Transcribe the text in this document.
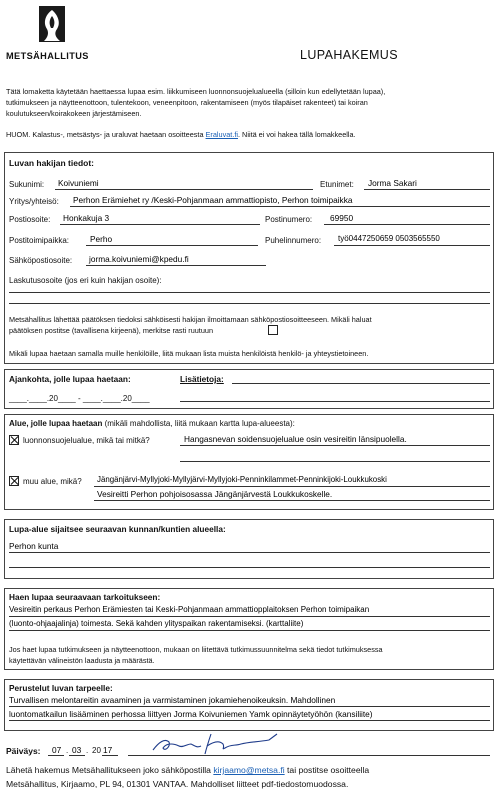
METSÄHALLITUS	LUPAHAKEMUS
Tätä lomaketta käytetään haettaessa lupaa esim. liikkumiseen luonnonsuojelualueella (silloin kun edellytetään lupaa),
tutkimukseen ja näytteenottoon, tulentekoon, veneenpitoon, rakentamiseen (myös tilapäiset rakenteet) tai koiran
koulutukseen/koirakokeen järjestämiseen.
HUOM. Kalastus-, metsästys- ja uraluvat haetaan osoitteesta Eraluvat.fi. Niitä ei voi hakea tällä lomakkeella.
Luvan hakijan tiedot:
Sukunimi: Koivuniemi	Etunimet: Jorma Sakari
Yritys/yhteisö: Perhon Erämiehet ry /Keski-Pohjanmaan ammattiopisto, Perhon toimipaikka
Postiosoite: Honkakuja 3	Postinumero: 69950
Postitoimipaikka:	Perho	Puhelinnumero: työ0447250659 0503565550
Sähköpostiosoite: jorma.koivuniemi@kpedu.fi
Laskutusosoite (jos eri kuin hakijan osoite):
Metsähallitus lähettää päätöksen tiedoksi sähköisesti hakijan ilmoittamaan sähköpostiosoitteeseen. Mikäli haluat
päätöksen postitse (tavallisena kirjeenä), merkitse rasti ruutuun
Mikäli lupaa haetaan samalla muille henkilöille, liitä mukaan lista muista henkilöistä henkilö- ja yhteystietoineen.
Ajankohta, jolle lupaa haetaan:
____.____.20____ - ____.____.20____
Lisätietoja:
Alue, jolle lupaa haetaan (mikäli mahdollista, liitä mukaan kartta lupa-alueesta):
luonnonsuojelualue, mikä tai mitkä?	Hangasnevan soidensuojelualue osin vesireitin länsipuolella.
muu alue, mikä? Jängänjärvi-Myllyjoki-Myllyjärvi-Myllyjoki-Penninkilammet-Penninkijoki-Loukkukoski
Vesireitti Perhon pohjoisosassa Jängänjärvestä Loukkukoskelle.
Lupa-alue sijaitsee seuraavan kunnan/kuntien alueella:
Perhon kunta
Haen lupaa seuraavaan tarkoitukseen:
Vesireitin perkaus Perhon Erämiesten tai Keski-Pohjanmaan ammattiopplaitoksen Perhon toimipaikan
(luonto-ohjaajalinja) toimesta. Sekä kahden ylityspaikan rakentamiseksi. (karttaliite)
Jos haet lupaa tutkimukseen ja näytteenottoon, mukaan on liitettävä tutkimussuunnitelma sekä tiedot tutkimuksessa
käytettävän välineistön laadusta ja määrästä.
Perustelut luvan tarpeelle:
Turvallisen melontareitin avaaminen ja varmistaminen jokamiehenoikeuksin. Mahdollinen
luontomatkailun lisääminen perhossa liittyen Jorma Koivuniemen Yamk opinnäytetyöhön (kansiliite)
Päiväys: 07 . 03 . 20 17
Lähetä hakemus Metsähallitukseen joko sähköpostilla kirjaamo@metsa.fi tai postitse osoitteella
Metsähallitus, Kirjaamo, PL 94, 01301 VANTAA. Mahdolliset liitteet pdf-tiedostomuodossa.
